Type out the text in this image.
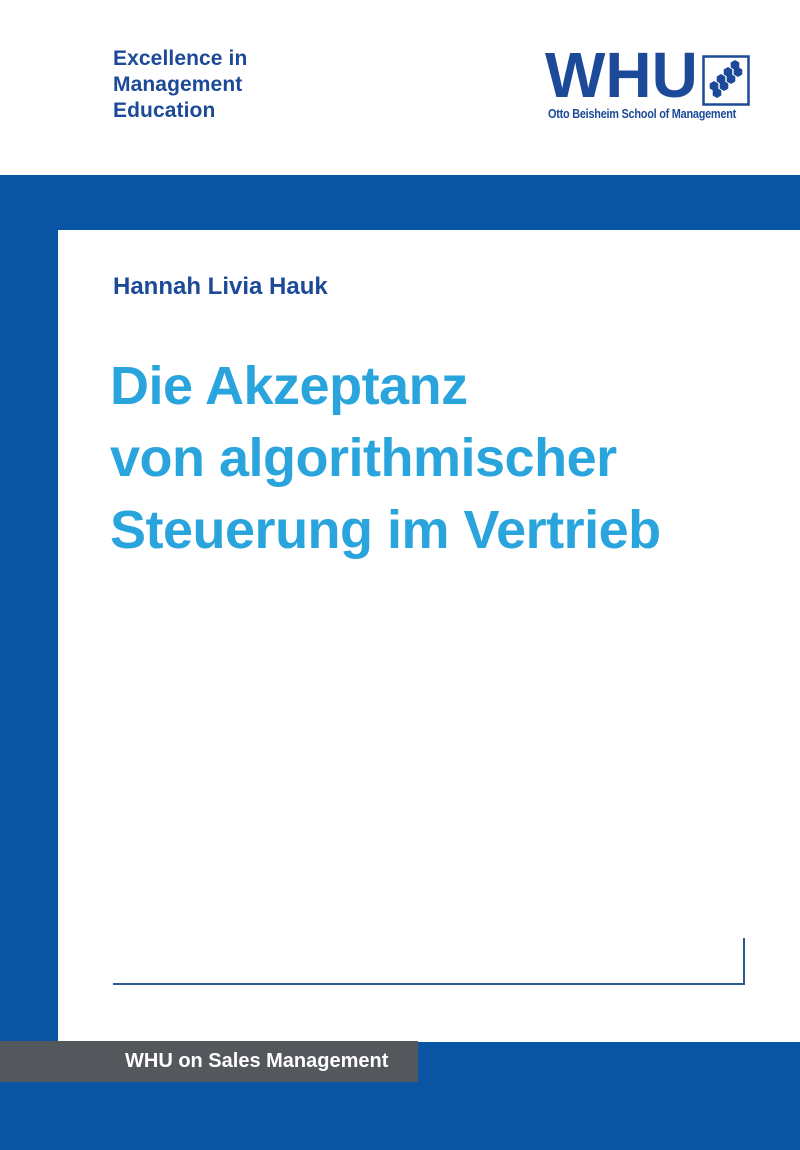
Excellence in
Management
Education	WHU
Otto Beisheim School of Management
Hannah Livia Hauk
Die Akzeptanz
von algorithmischer
Steuerung im Vertrieb
WHU on Sales Management
